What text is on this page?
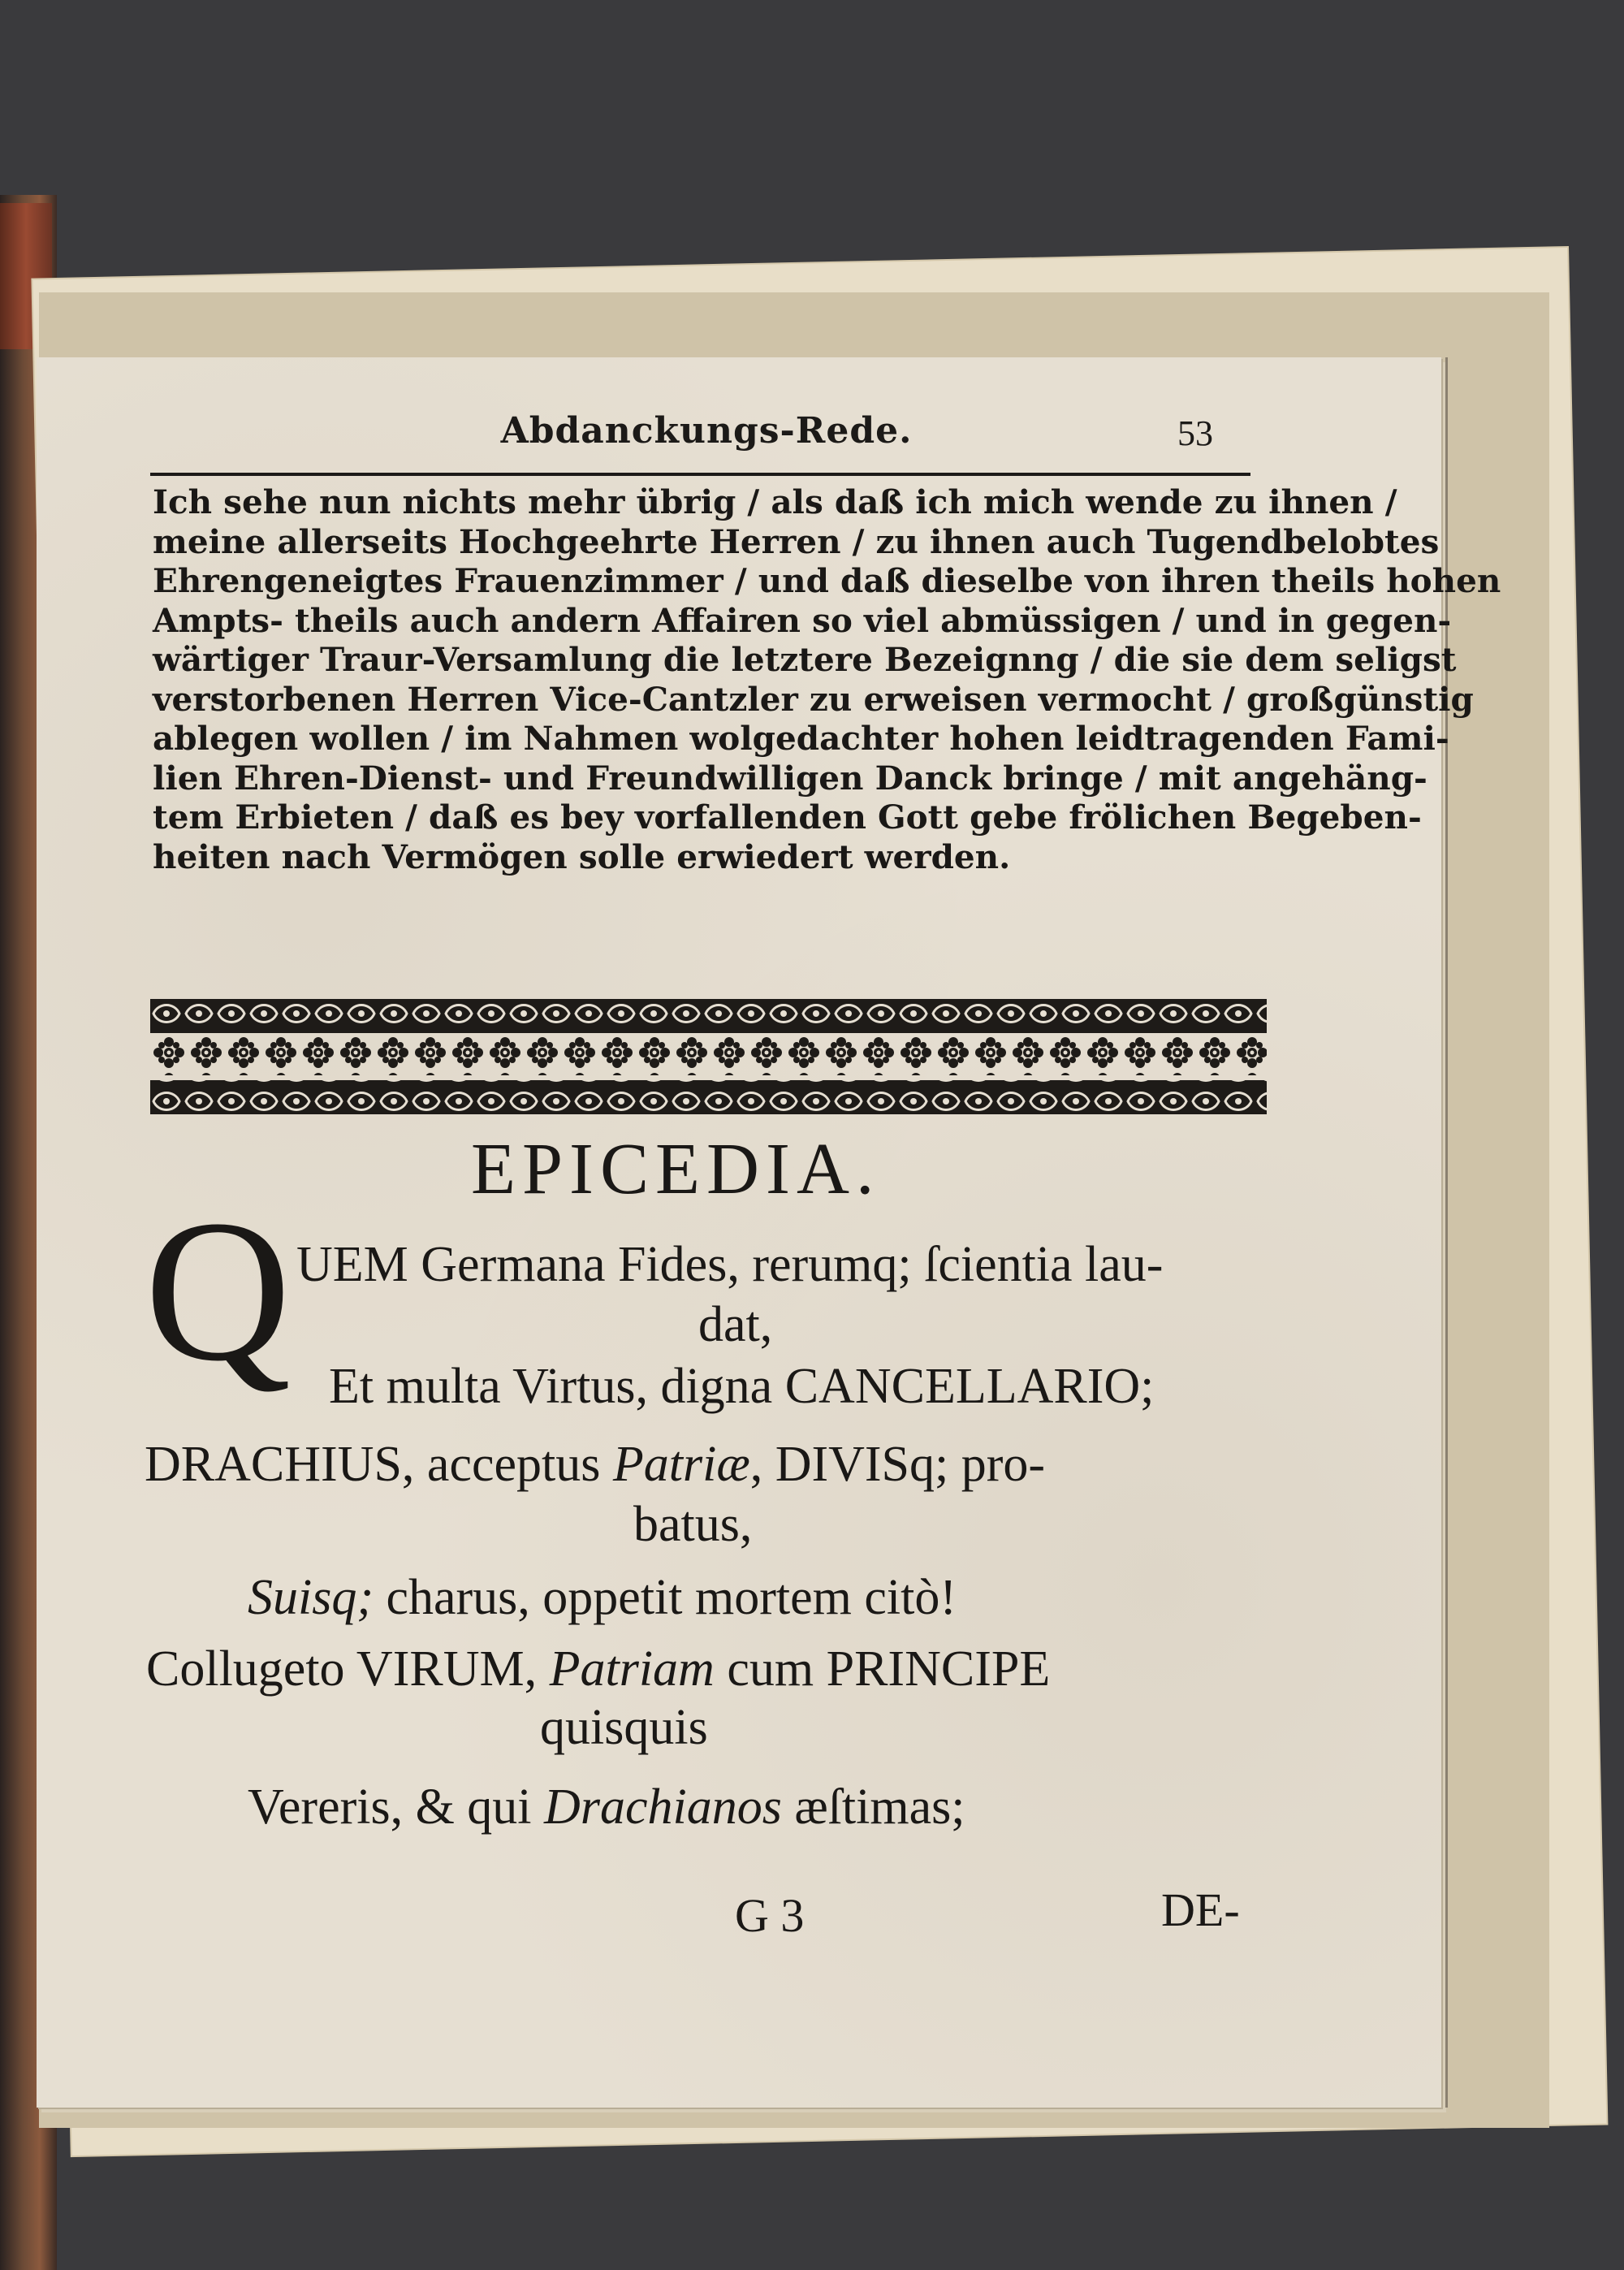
Abdanckungs-Rede.	53
Ich sehe nun nichts mehr übrig / als daß ich mich wende zu ihnen /
meine allerseits Hochgeehrte Herren / zu ihnen auch Tugendbelobtes
Ehrengeneigtes Frauenzimmer / und daß dieselbe von ihren theils hohen
Ampts- theils auch andern Affairen so viel abmüssigen / und in gegen-
wärtiger Traur-Versamlung die letztere Bezeignng / die sie dem seligst
verstorbenen Herren Vice-Cantzler zu erweisen vermocht / großgünstig
ablegen wollen / im Nahmen wolgedachter hohen leidtragenden Fami-
lien Ehren-Dienst- und Freundwilligen Danck bringe / mit angehäng-
tem Erbieten / daß es bey vorfallenden Gott gebe frölichen Begeben-
heiten nach Vermögen solle erwiedert werden.
EPICEDIA.
Q UEM Germana Fides, rerumq; ſcientia lau-
dat,
Et multa Virtus, digna CANCELLARIO;
DRACHIUS, acceptus Patriæ, DIVISq; pro-
batus,
Suisq; charus, oppetit mortem citò!
Collugeto VIRUM, Patriam cum PRINCIPE
quisquis
Vereris, & qui Drachianos æſtimas;
G 3	DE-
